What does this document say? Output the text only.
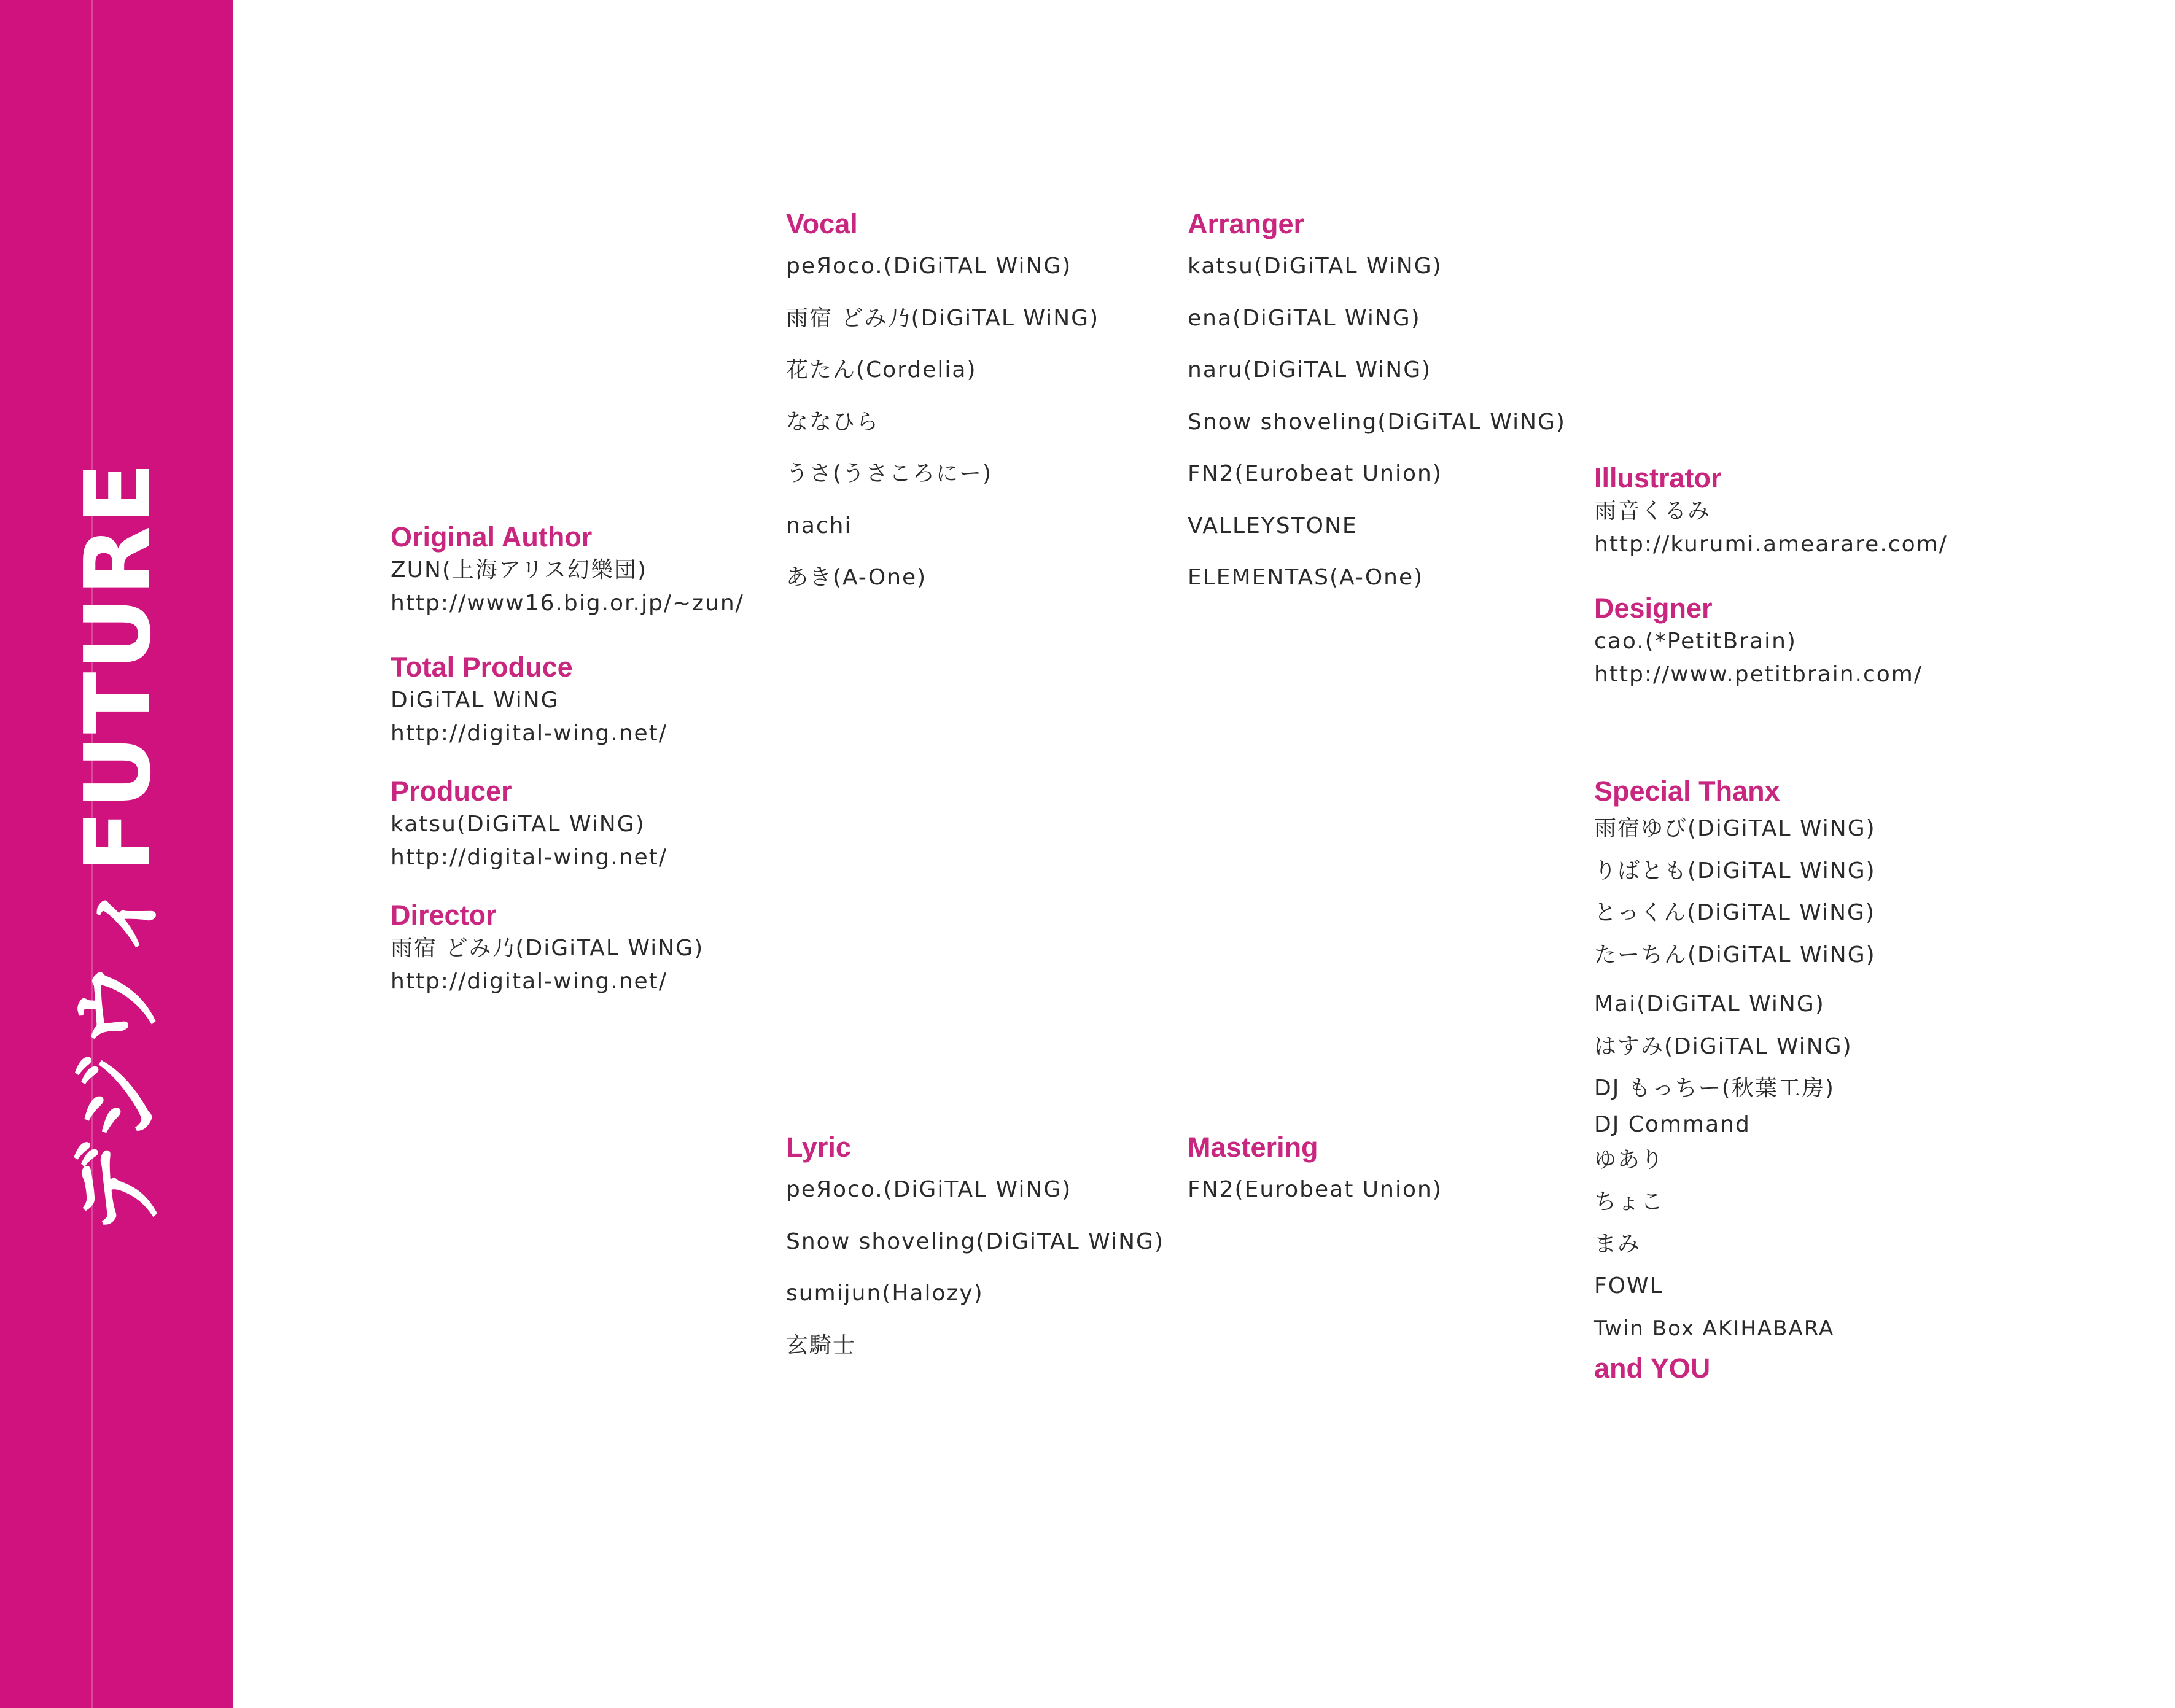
デジウィFUTURE	Original Author
ZUN(上海アリス幻樂団)
http://www16.big.or.jp/~zun/
Total Produce
DiGiTAL WiNG
http://digital-wing.net/
Producer
katsu(DiGiTAL WiNG)
http://digital-wing.net/
Director
雨宿 どみ乃(DiGiTAL WiNG)
http://digital-wing.net/
Vocal
peЯoco.(DiGiTAL WiNG)
雨宿 どみ乃(DiGiTAL WiNG)
花たん(Cordelia)
ななひら
うさ(うさころにー)
nachi
あき(A-One)
Arranger
katsu(DiGiTAL WiNG)
ena(DiGiTAL WiNG)
naru(DiGiTAL WiNG)
Snow shoveling(DiGiTAL WiNG)
FN2(Eurobeat Union)
VALLEYSTONE
ELEMENTAS(A-One)
Illustrator
雨音くるみ
http://kurumi.amearare.com/
Designer
cao.(*PetitBrain)
http://www.petitbrain.com/
Special Thanx
雨宿ゆび(DiGiTAL WiNG)
りばとも(DiGiTAL WiNG)
とっくん(DiGiTAL WiNG)
たーちん(DiGiTAL WiNG)
Mai(DiGiTAL WiNG)
はすみ(DiGiTAL WiNG)
DJ もっちー(秋葉工房)
DJ Command
ゆあり
ちょこ
まみ
FOWL
Twin Box AKIHABARA
and YOU
Lyric
peЯoco.(DiGiTAL WiNG)
Snow shoveling(DiGiTAL WiNG)
sumijun(Halozy)
玄騎士
Mastering
FN2(Eurobeat Union)
